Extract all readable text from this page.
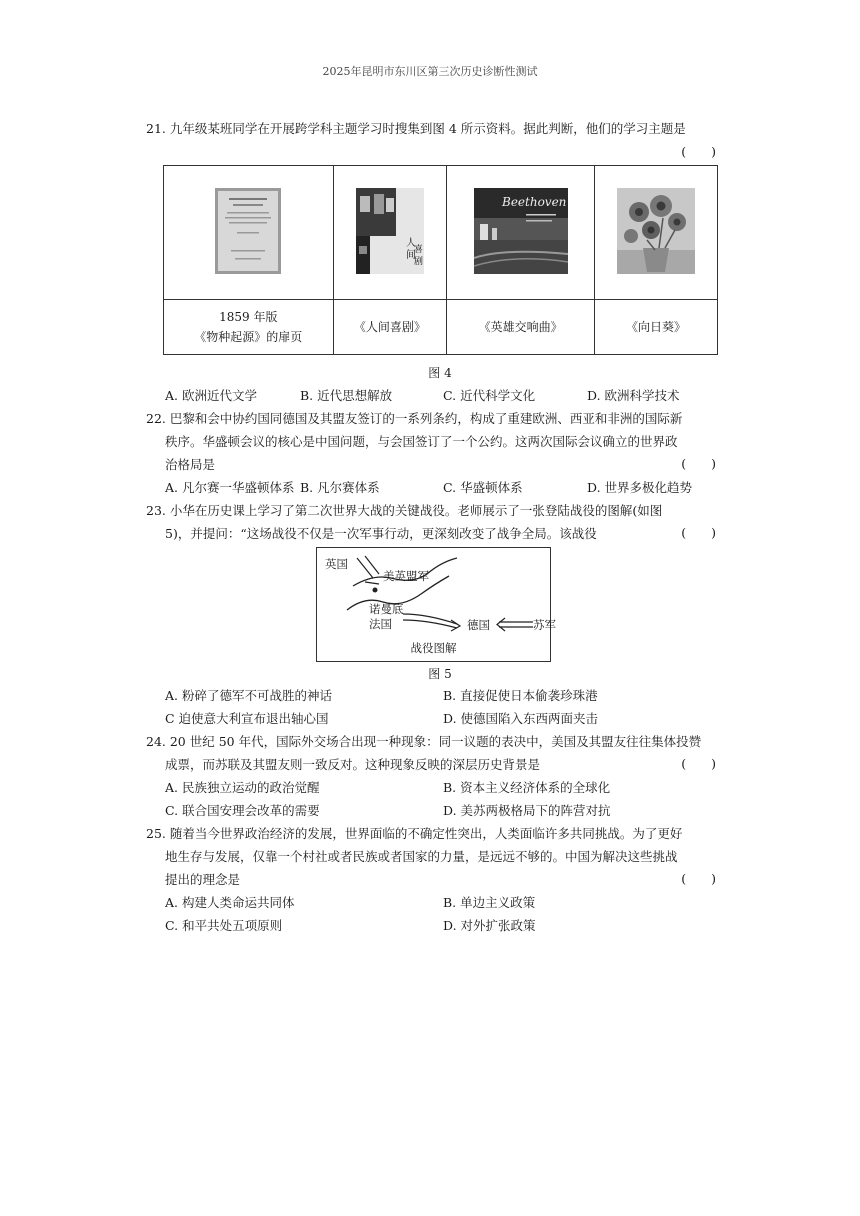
2025年昆明市东川区第三次历史诊断性测试
21. 九年级某班同学在开展跨学科主题学习时搜集到图 4 所示资料。据此判断，他们的学习主题是
(　　)

人
间
喜
剧	Beethoven

1859 年版
《物种起源》的扉页	《人间喜剧》	《英雄交响曲》	《向日葵》
图 4
A. 欧洲近代文学	B. 近代思想解放	C. 近代科学文化	D. 欧洲科学技术
22. 巴黎和会中协约国同德国及其盟友签订的一系列条约，构成了重建欧洲、西亚和非洲的国际新
秩序。华盛顿会议的核心是中国问题，与会国签订了一个公约。这两次国际会议确立的世界政
治格局是	(　　)
A. 凡尔赛一华盛顿体系 B. 凡尔赛体系	C. 华盛顿体系	D. 世界多极化趋势
23. 小华在历史课上学习了第二次世界大战的关键战役。老师展示了一张登陆战役的图解(如图
5)，并提问：“这场战役不仅是一次军事行动，更深刻改变了战争全局。该战役	(　　)
英国
美英盟军
诺曼底
法国	德国	苏军
战役图解
图 5
A. 粉碎了德军不可战胜的神话	B. 直接促使日本偷袭珍珠港
C 迫使意大利宣布退出轴心国	D. 使德国陷入东西两面夹击
24. 20 世纪 50 年代，国际外交场合出现一种现象：同一议题的表决中，美国及其盟友往往集体投赞
成票，而苏联及其盟友则一致反对。这种现象反映的深层历史背景是	(　　)
A. 民族独立运动的政治觉醒	B. 资本主义经济体系的全球化
C. 联合国安理会改革的需要	D. 美苏两极格局下的阵营对抗
25. 随着当今世界政治经济的发展，世界面临的不确定性突出，人类面临许多共同挑战。为了更好
地生存与发展，仅靠一个村社或者民族或者国家的力量，是远远不够的。中国为解决这些挑战
提出的理念是	(　　)
A. 构建人类命运共同体	B. 单边主义政策
C. 和平共处五项原则	D. 对外扩张政策
